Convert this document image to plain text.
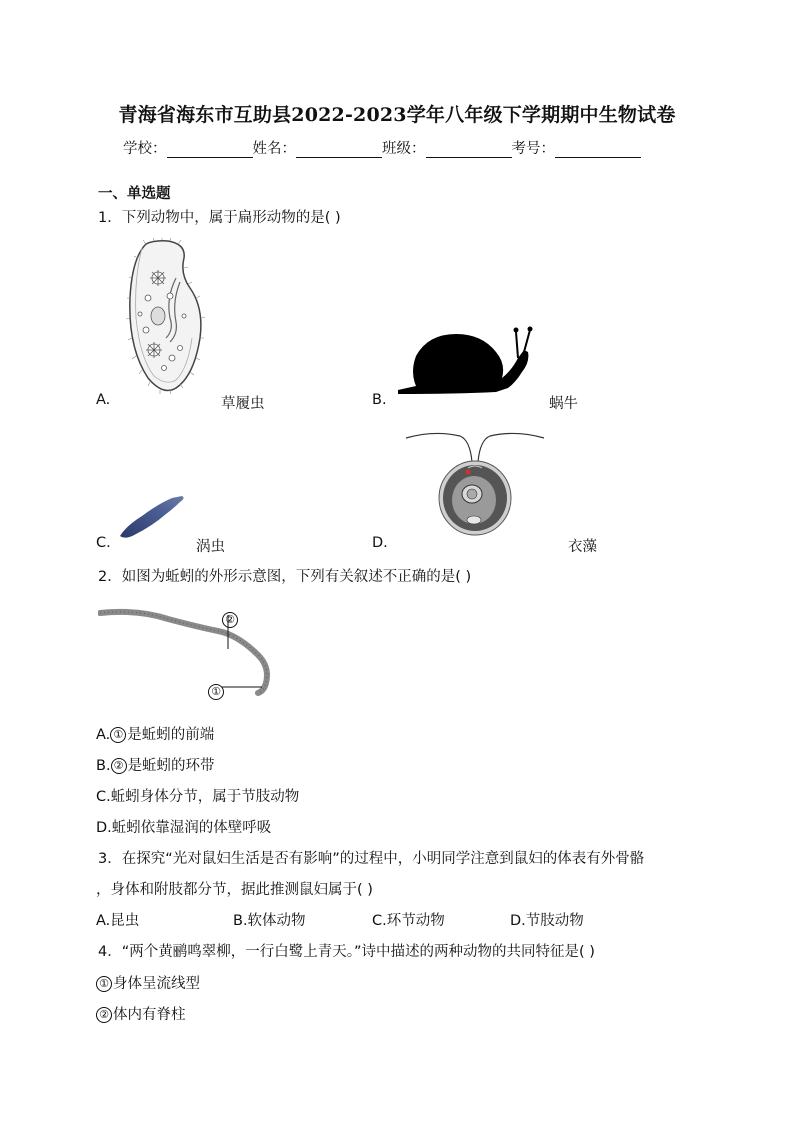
青海省海东市互助县2022-2023学年八年级下学期期中生物试卷
学校：	姓名：	班级：	考号：
一、单选题
1．下列动物中，属于扁形动物的是( )
A.	草履虫	B.	蜗牛
C.	涡虫	D.	衣藻
2．如图为蚯蚓的外形示意图，下列有关叙述不正确的是( )
②
①
A. ① 是蚯蚓的前端
B. ② 是蚯蚓的环带
C.蚯蚓身体分节，属于节肢动物
D.蚯蚓依靠湿润的体壁呼吸
3．在探究“光对鼠妇生活是否有影响”的过程中，小明同学注意到鼠妇的体表有外骨骼
，身体和附肢都分节，据此推测鼠妇属于( )
A.昆虫	B.软体动物	C.环节动物	D.节肢动物
4．“两个黄鹂鸣翠柳，一行白鹭上青天。”诗中描述的两种动物的共同特征是( )
① 身体呈流线型
② 体内有脊柱
